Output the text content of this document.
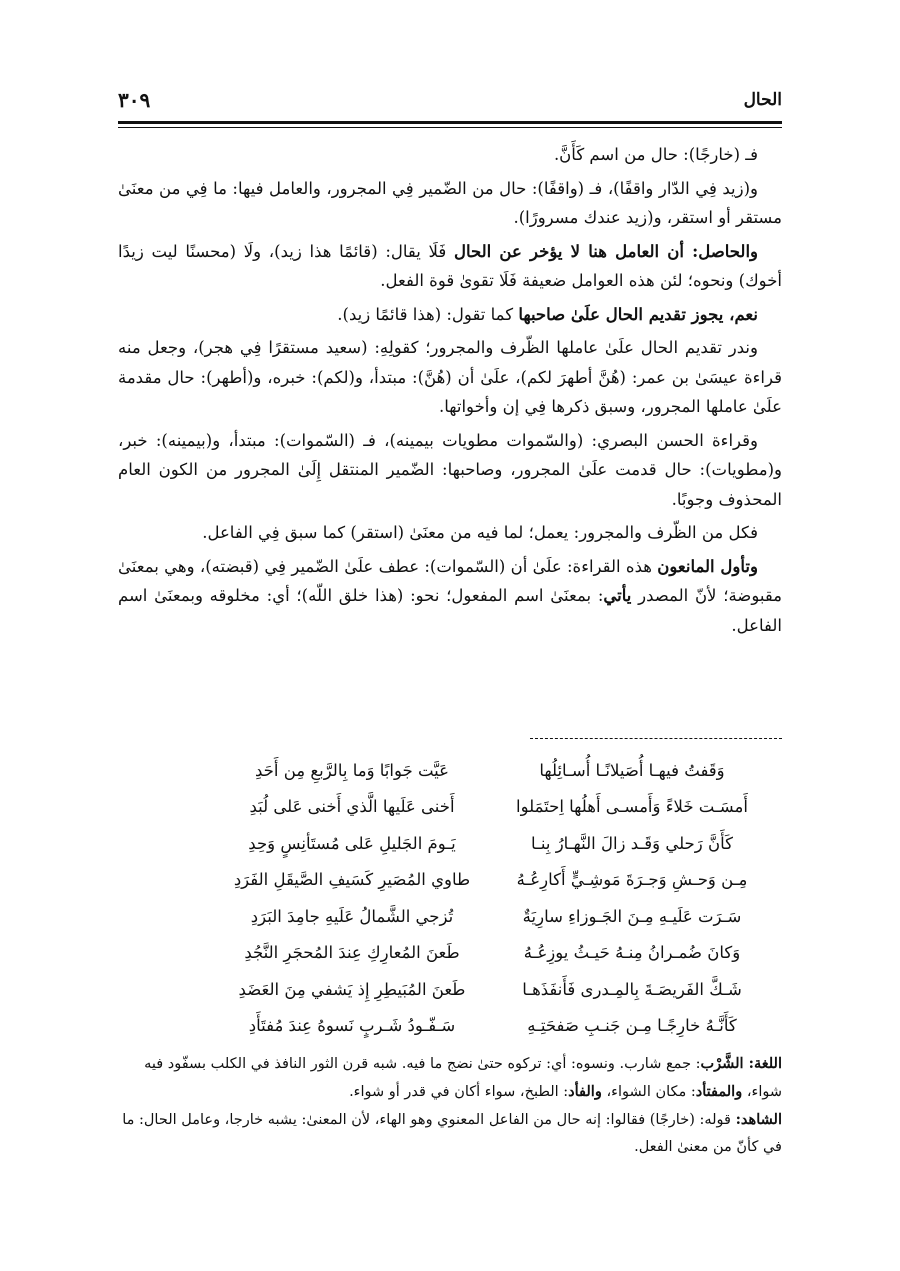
الحال
٣٠٩

فـ (خارجًا): حال من اسم كَأَنَّ.

و(زيد فِي الدّار واقفًا)، فـ (واقفًا): حال من الضّمير فِي المجرور، والعامل فيها: ما فِي من معنَىٰ مستقر أو استقر، و(زيد عندك مسرورًا).

والحاصل: أن العامل هنا لا يؤخر عن الحال فَلَا يقال: (قائمًا هذا زيد)، ولَا (محسنًا ليت زيدًا أخوك) ونحوه؛ لئن هذه العوامل ضعيفة فَلَا تقوىٰ قوة الفعل.

نعم، يجوز تقديم الحال علَىٰ صاحبها كما تقول: (هذا قائمًا زيد).

وندر تقديم الحال علَىٰ عاملها الظّرف والمجرور؛ كقولِهِ: (سعيد مستقرًا فِي هجر)، وجعل منه قراءة عيسَىٰ بن عمر: (هُنَّ أطهرَ لكم)، علَىٰ أن (هُنَّ): مبتدأ، و(لكم): خبره، و(أطهر): حال مقدمة علَىٰ عاملها المجرور، وسبق ذكرها فِي إن وأخواتها.

وقراءة الحسن البصري: (والسّموات مطويات بيمينه)، فـ (السّموات): مبتدأ، و(بيمينه): خبر، و(مطويات): حال قدمت علَىٰ المجرور، وصاحبها: الضّمير المنتقل إِلَىٰ المجرور من الكون العام المحذوف وجوبًا.

فكل من الظّرف والمجرور: يعمل؛ لما فيه من معنَىٰ (استقر) كما سبق فِي الفاعل.

وتأول المانعون هذه القراءة: علَىٰ أن (السّموات): عطف علَىٰ الضّمير فِي (قبضته)، وهي بمعنَىٰ مقبوضة؛ لأنّ المصدر يأتي: بمعنَىٰ اسم المفعول؛ نحو: (هذا خلق اللّه)؛ أي: مخلوقه وبمعنَىٰ اسم الفاعل.

وَقَفتُ فيهـا أُصَيلانًـا أُسـائِلُها
عَيَّت جَوابًا وَما بِالرَّبعِ مِن أَحَدِ
أَمسَـت خَلاءً وَأَمسـى أَهلُها اِحتَمَلوا
أَخنى عَلَيها الَّذي أَخنى عَلى لُبَدِ
كَأَنَّ رَحلي وَقَـد زالَ النَّهـارُ بِنـا
يَـومَ الجَليلِ عَلى مُستَأنِسٍ وَحِدِ
مِـن وَحـشِ وَجـرَةَ مَوشِـيٍّ أَكارِعُـهُ
طاوي المُصَيرِ كَسَيفِ الصَّيقَلِ الفَرَدِ
سَـرَت عَلَيـهِ مِـنَ الجَـوزاءِ سارِيَةٌ
تُزجي الشَّمالُ عَلَيهِ جامِدَ البَرَدِ
وَكانَ ضُمـرانُ مِنـهُ حَيـثُ يوزِعُـهُ
طَعنَ المُعارِكِ عِندَ المُحجَرِ النَّجُدِ
شَـكَّ الفَريصَـةَ بِالمِـدرى فَأَنفَذَهـا
طَعنَ المُبَيطِرِ إِذ يَشفي مِنَ العَضَدِ
كَأَنَّـهُ خارِجًـا مِـن جَنـبِ صَفحَتِـهِ
سَـفّـودُ شَـربٍ نَسوهُ عِندَ مُفتَأَدِ

اللغة: الشَّرْب: جمع شارب. ونسوه: أي: تركوه حتىٰ نضج ما فيه. شبه قرن الثور النافذ في الكلب بسفّود فيه شواء، والمفتأد: مكان الشواء، والفأد: الطبخ، سواء أكان في قدر أو شواء.

الشاهد: قوله: (خارجًا) فقالوا: إنه حال من الفاعل المعنوي وهو الهاء، لأن المعنىٰ: يشبه خارجا، وعامل الحال: ما في كأنّ من معنىٰ الفعل.
